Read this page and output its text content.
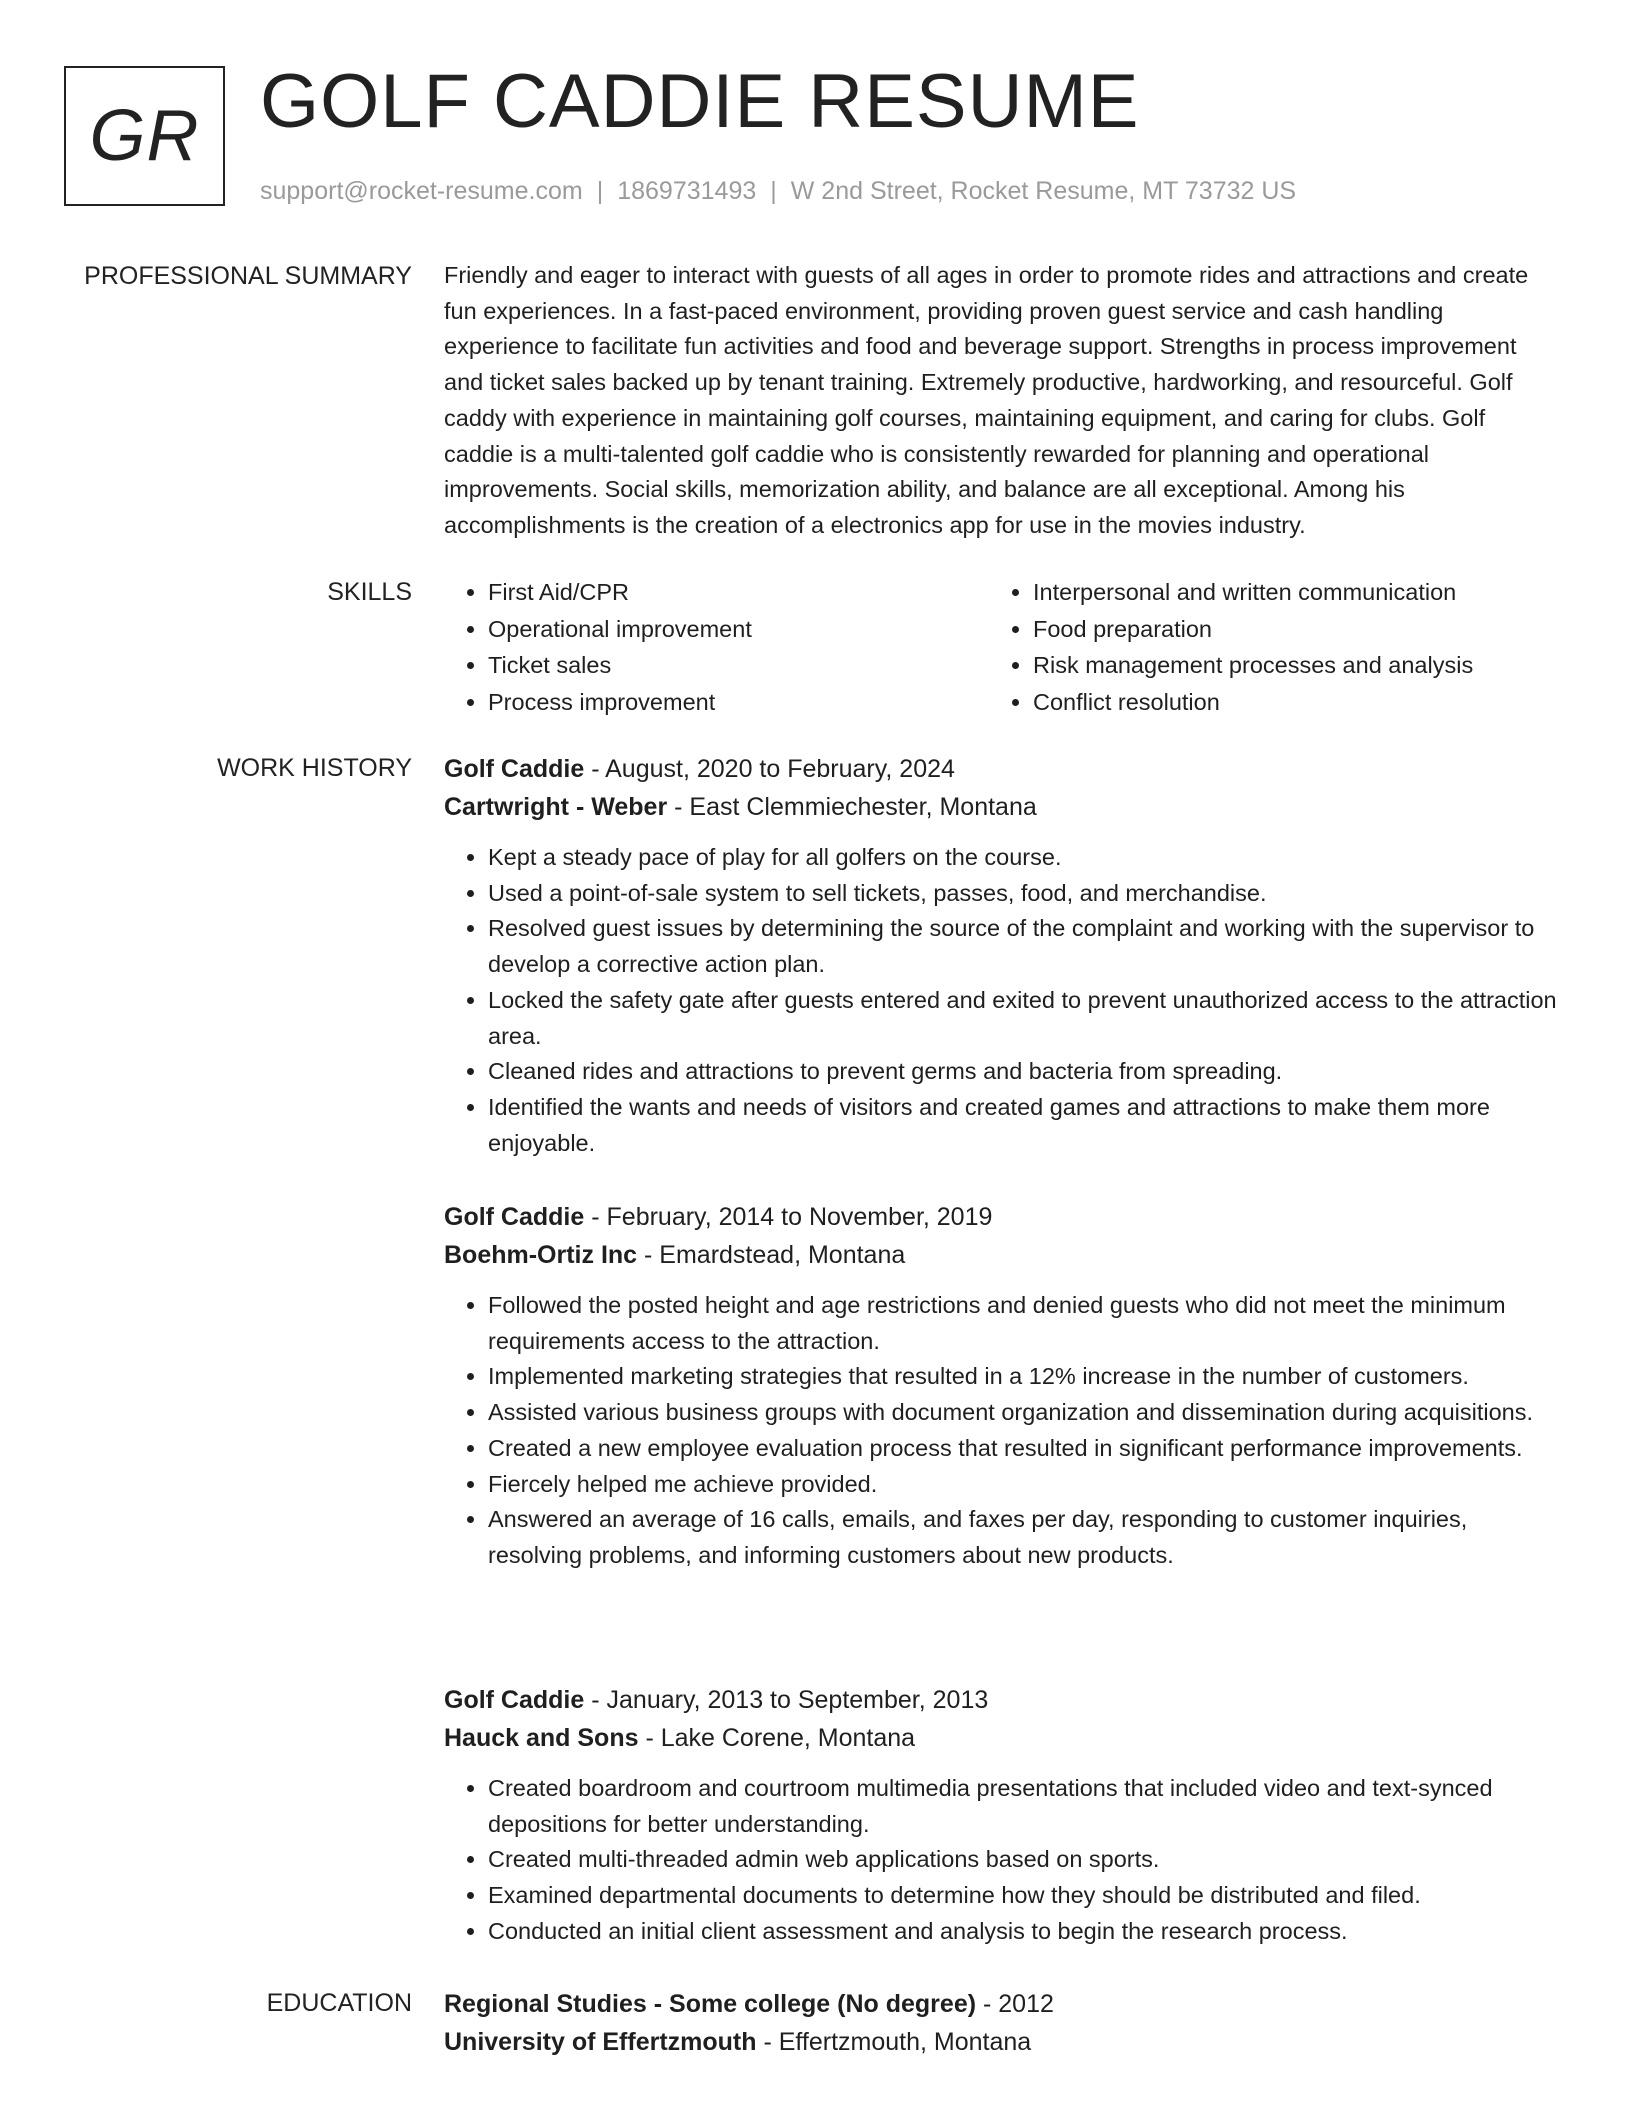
GR GOLF CADDIE RESUME
support@rocket-resume.com | 1869731493 | W 2nd Street, Rocket Resume, MT 73732 US
PROFESSIONAL SUMMARY Friendly and eager to interact with guests of all ages in order to promote rides and attractions and create fun experiences. In a fast-paced environment, providing proven guest service and cash handling experience to facilitate fun activities and food and beverage support. Strengths in process improvement and ticket sales backed up by tenant training. Extremely productive, hardworking, and resourceful. Golf caddy with experience in maintaining golf courses, maintaining equipment, and caring for clubs. Golf caddie is a multi-talented golf caddie who is consistently rewarded for planning and operational improvements. Social skills, memorization ability, and balance are all exceptional. Among his accomplishments is the creation of a electronics app for use in the movies industry.

SKILLS
•	First Aid/CPR
• Operational improvement
• Ticket sales
• Process improvement
• Interpersonal and written communication
• Food preparation
• Risk management processes and analysis
• Conflict resolution
WORK HISTORY Golf Caddie - August, 2020 to February, 2024
Cartwright - Weber - East Clemmiechester, Montana
• Kept a steady pace of play for all golfers on the course.
• Used a point-of-sale system to sell tickets, passes, food, and merchandise.
• Resolved guest issues by determining the source of the complaint and working with the supervisor to develop a corrective action plan.
• Locked the safety gate after guests entered and exited to prevent unauthorized access to the attraction area.
• Cleaned rides and attractions to prevent germs and bacteria from spreading.
• Identified the wants and needs of visitors and created games and attractions to make them more enjoyable.
Golf Caddie - February, 2014 to November, 2019
Boehm-Ortiz Inc - Emardstead, Montana
• Followed the posted height and age restrictions and denied guests who did not meet the minimum requirements access to the attraction.
• Implemented marketing strategies that resulted in a 12% increase in the number of customers.
• Assisted various business groups with document organization and dissemination during acquisitions.
• Created a new employee evaluation process that resulted in significant performance improvements.
• Fiercely helped me achieve provided.
• Answered an average of 16 calls, emails, and faxes per day, responding to customer inquiries, resolving problems, and informing customers about new products.
Golf Caddie - January, 2013 to September, 2013
Hauck and Sons - Lake Corene, Montana
• Created boardroom and courtroom multimedia presentations that included video and text-synced depositions for better understanding.
• Created multi-threaded admin web applications based on sports.
• Examined departmental documents to determine how they should be distributed and filed.
• Conducted an initial client assessment and analysis to begin the research process.
EDUCATION Regional Studies - Some college (No degree) - 2012
University of Effertzmouth - Effertzmouth, Montana
